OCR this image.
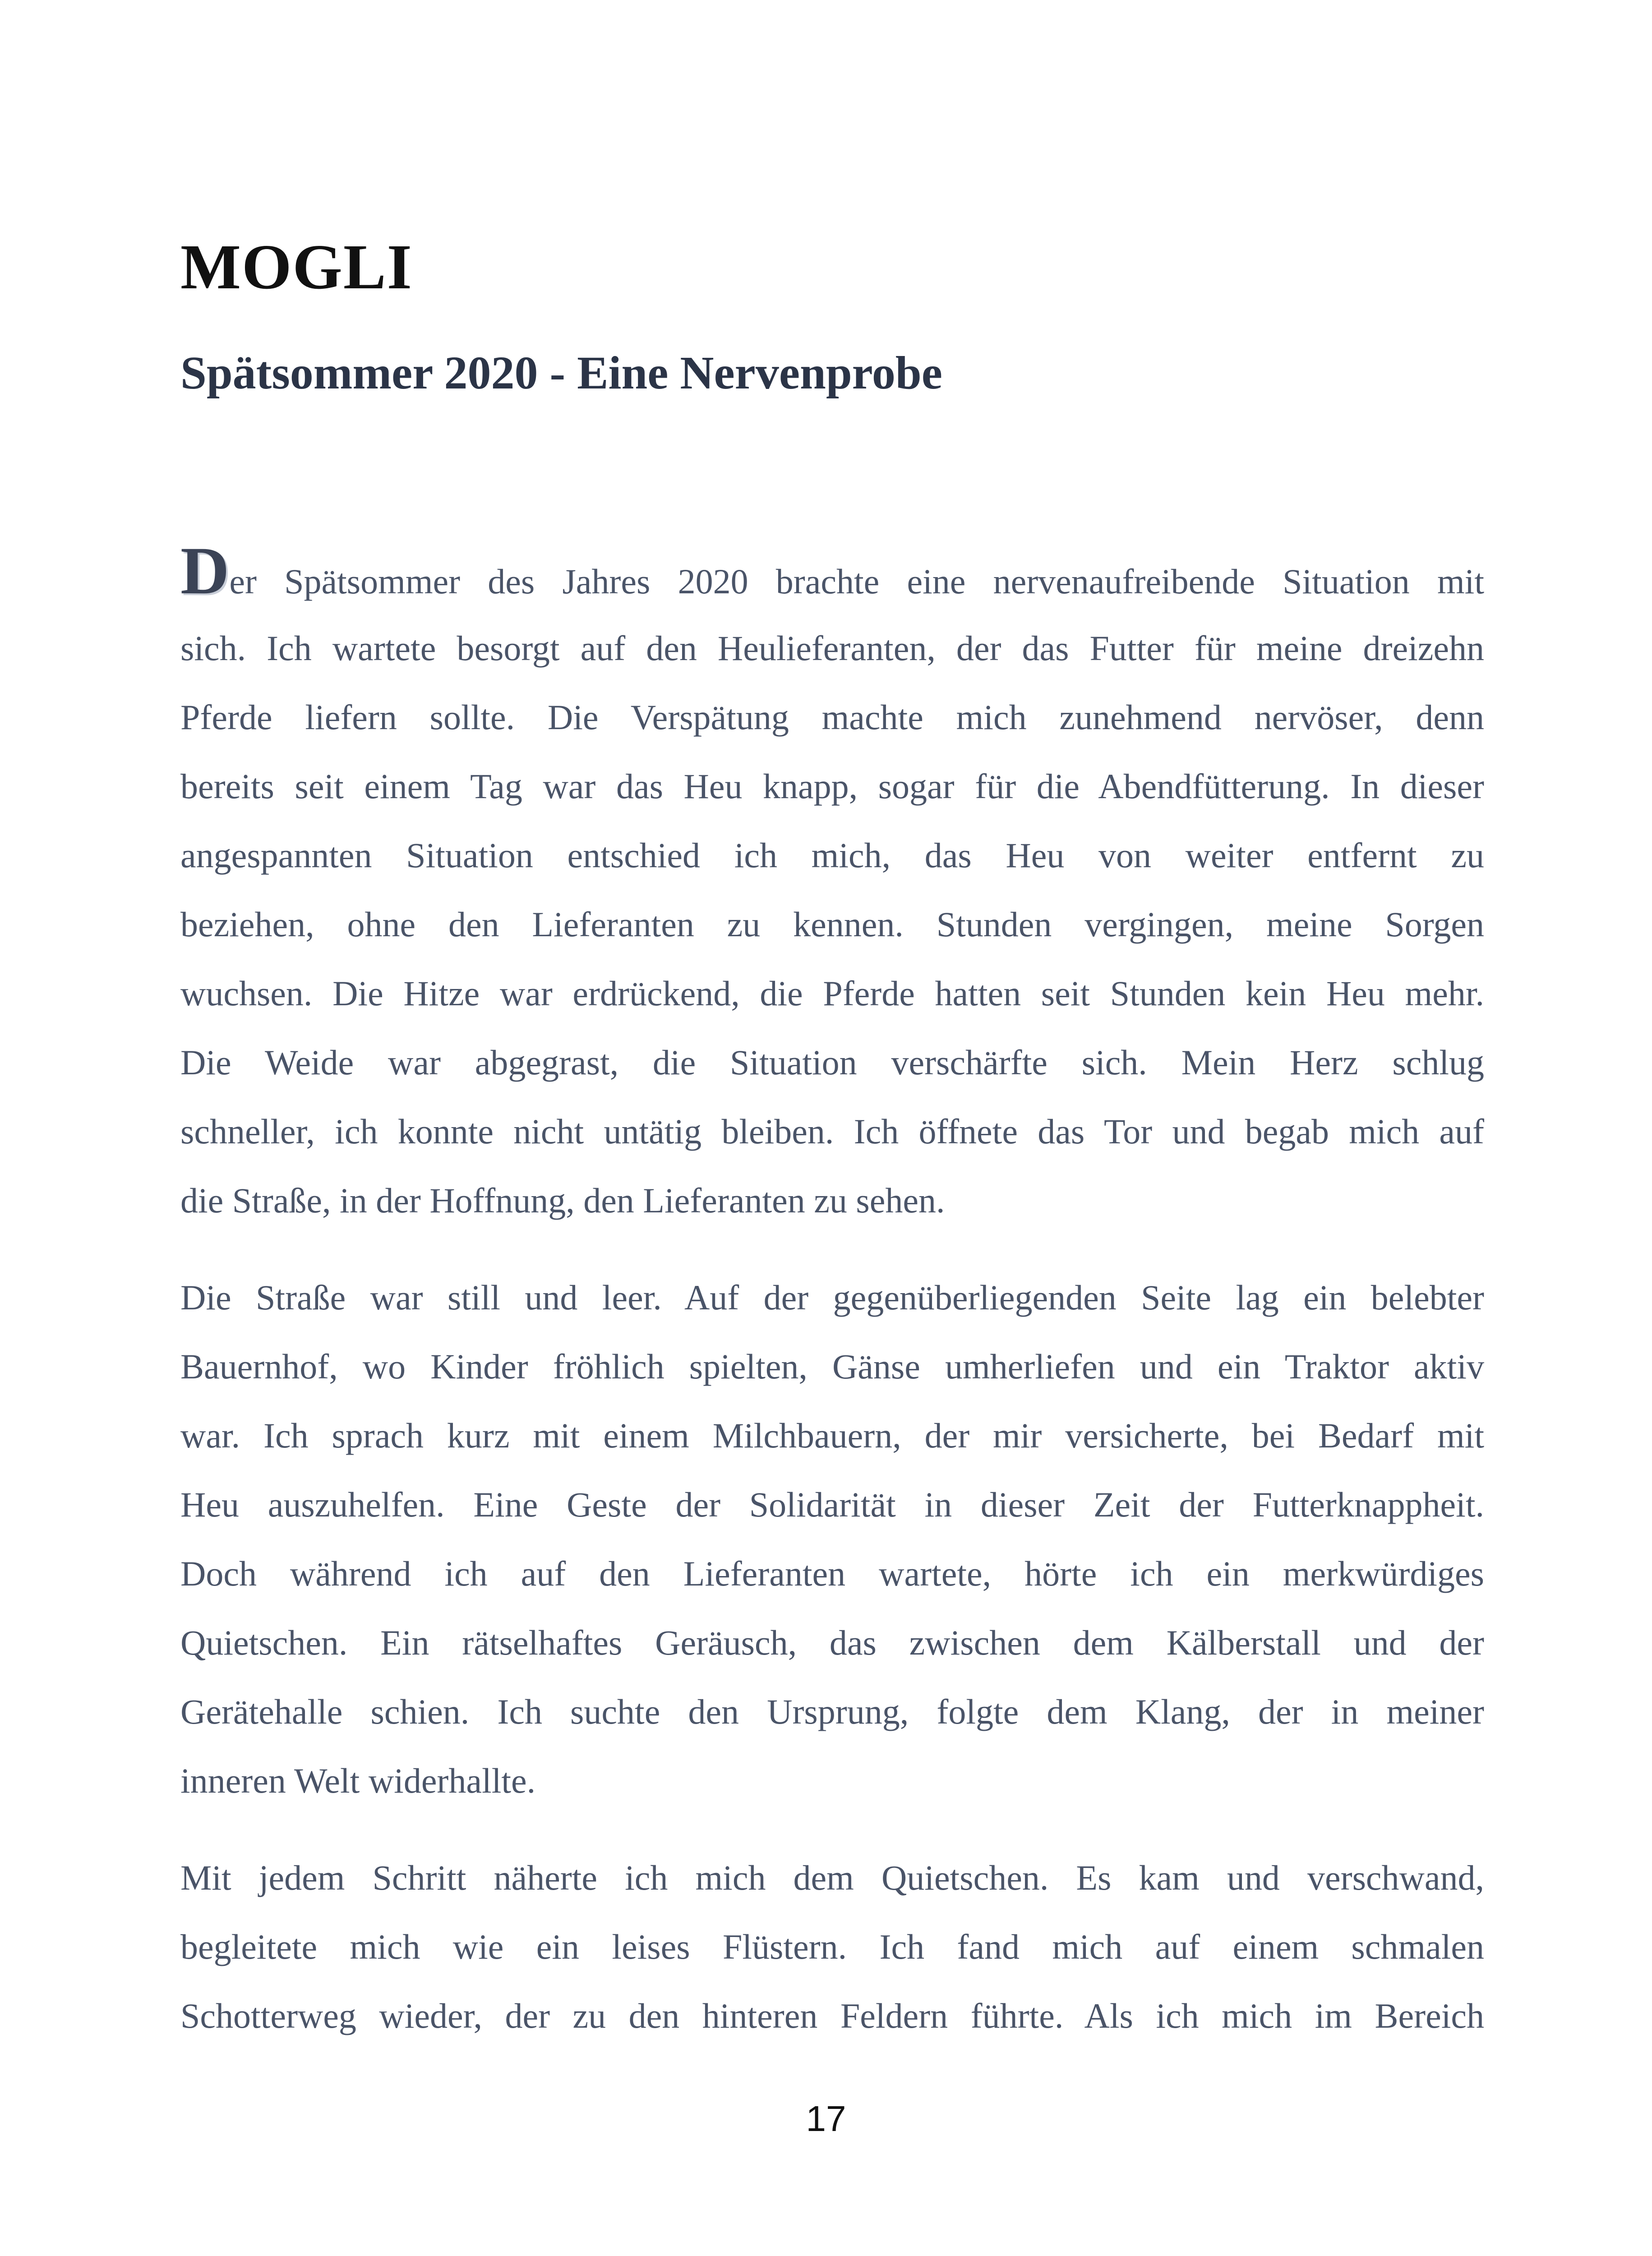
MOGLI
Spätsommer 2020 - Eine Nervenprobe
Der Spätsommer des Jahres 2020 brachte eine nervenaufreibende Situation mit
sich. Ich wartete besorgt auf den Heulieferanten, der das Futter für meine dreizehn
Pferde liefern sollte. Die Verspätung machte mich zunehmend nervöser, denn
bereits seit einem Tag war das Heu knapp, sogar für die Abendfütterung. In dieser
angespannten Situation entschied ich mich, das Heu von weiter entfernt zu
beziehen, ohne den Lieferanten zu kennen. Stunden vergingen, meine Sorgen
wuchsen. Die Hitze war erdrückend, die Pferde hatten seit Stunden kein Heu mehr.
Die Weide war abgegrast, die Situation verschärfte sich. Mein Herz schlug
schneller, ich konnte nicht untätig bleiben. Ich öffnete das Tor und begab mich auf
die Straße, in der Hoffnung, den Lieferanten zu sehen.
Die Straße war still und leer. Auf der gegenüberliegenden Seite lag ein belebter
Bauernhof, wo Kinder fröhlich spielten, Gänse umherliefen und ein Traktor aktiv
war. Ich sprach kurz mit einem Milchbauern, der mir versicherte, bei Bedarf mit
Heu auszuhelfen. Eine Geste der Solidarität in dieser Zeit der Futterknappheit.
Doch während ich auf den Lieferanten wartete, hörte ich ein merkwürdiges
Quietschen. Ein rätselhaftes Geräusch, das zwischen dem Kälberstall und der
Gerätehalle schien. Ich suchte den Ursprung, folgte dem Klang, der in meiner
inneren Welt widerhallte.
Mit jedem Schritt näherte ich mich dem Quietschen. Es kam und verschwand,
begleitete mich wie ein leises Flüstern. Ich fand mich auf einem schmalen
Schotterweg wieder, der zu den hinteren Feldern führte. Als ich mich im Bereich
17
